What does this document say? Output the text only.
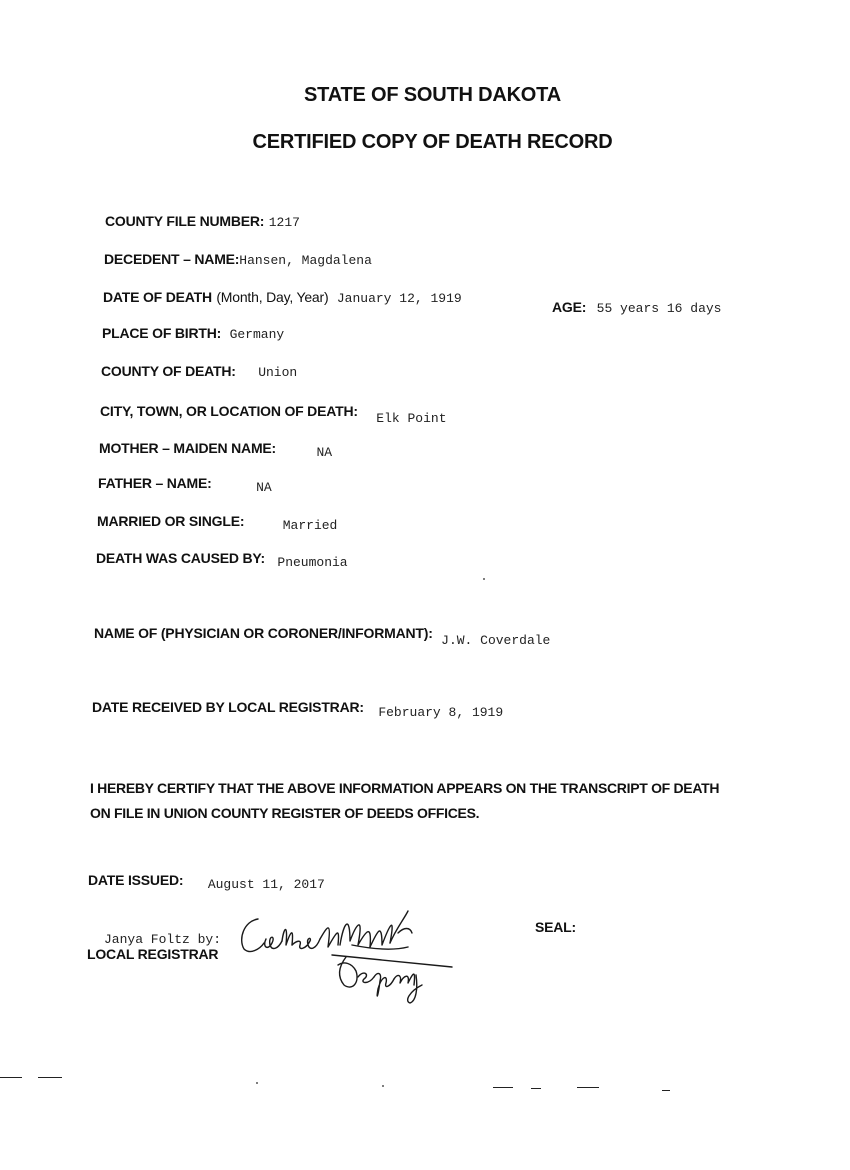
STATE OF SOUTH DAKOTA
CERTIFIED COPY OF DEATH RECORD
COUNTY FILE NUMBER: 1217
DECEDENT – NAME:Hansen, Magdalena
DATE OF DEATH (Month, Day, Year) January 12, 1919
AGE: 55 years 16 days
PLACE OF BIRTH: Germany
COUNTY OF DEATH: Union
CITY, TOWN, OR LOCATION OF DEATH: $_{Elk Point}$
MOTHER – MAIDEN NAME:	NA
FATHER – NAME:	NA
MARRIED OR SINGLE:	Married
DEATH WAS CAUSED BY: Pneumonia
NAME OF (PHYSICIAN OR CORONER/INFORMANT): $_{J.W. Coverdale}$
DATE RECEIVED BY LOCAL REGISTRAR: $_{February 8, 1919}$
I HEREBY CERTIFY THAT THE ABOVE INFORMATION APPEARS ON THE TRANSCRIPT OF DEATH
ON FILE IN UNION COUNTY REGISTER OF DEEDS OFFICES.
DATE ISSUED: August 11, 2017
Janya Foltz by:
LOCAL REGISTRAR
SEAL:
